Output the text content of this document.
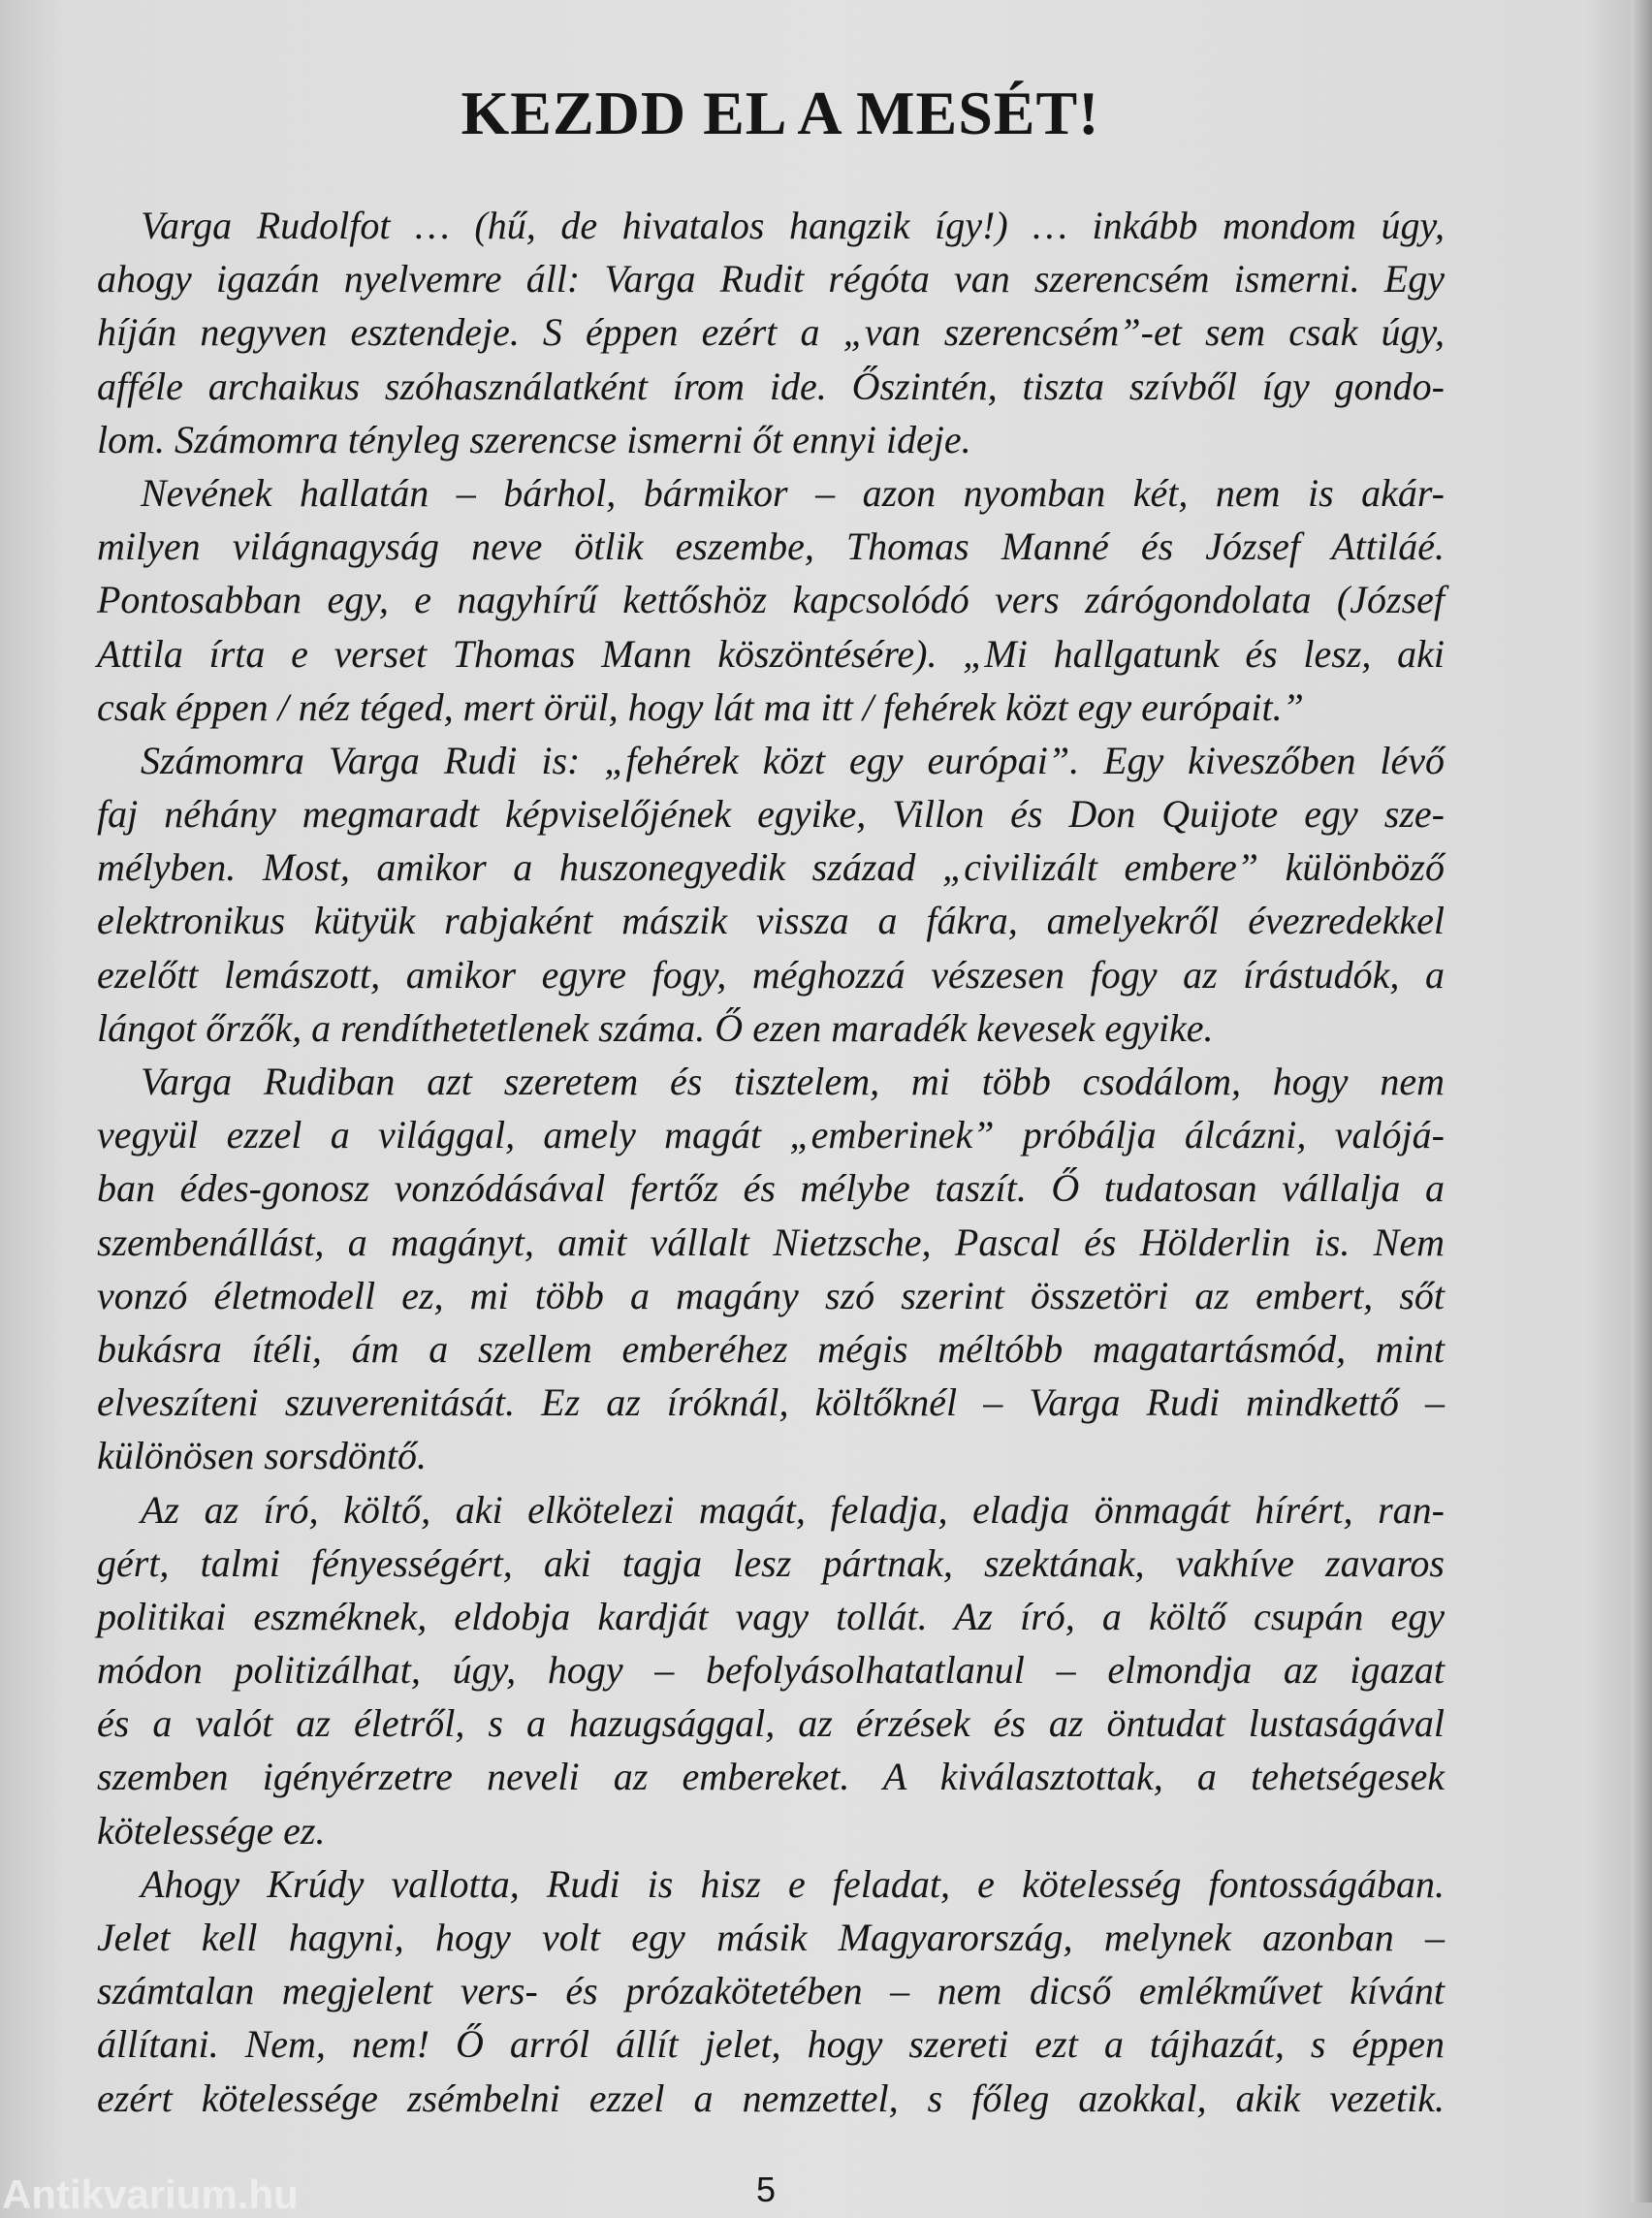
KEZDD EL A MESÉT!
Varga Rudolfot … (hű, de hivatalos hangzik így!) … inkább mondom úgy,
ahogy igazán nyelvemre áll: Varga Rudit régóta van szerencsém ismerni. Egy
híján negyven esztendeje. S éppen ezért a „van szerencsém”-et sem csak úgy,
afféle archaikus szóhasználatként írom ide. Őszintén, tiszta szívből így gondo-
lom. Számomra tényleg szerencse ismerni őt ennyi ideje.
Nevének hallatán – bárhol, bármikor – azon nyomban két, nem is akár-
milyen világnagyság neve ötlik eszembe, Thomas Manné és József Attiláé.
Pontosabban egy, e nagyhírű kettőshöz kapcsolódó vers zárógondolata (József
Attila írta e verset Thomas Mann köszöntésére). „Mi hallgatunk és lesz, aki
csak éppen / néz téged, mert örül, hogy lát ma itt / fehérek közt egy európait.”
Számomra Varga Rudi is: „fehérek közt egy európai”. Egy kiveszőben lévő
faj néhány megmaradt képviselőjének egyike, Villon és Don Quijote egy sze-
mélyben. Most, amikor a huszonegyedik század „civilizált embere” különböző
elektronikus kütyük rabjaként mászik vissza a fákra, amelyekről évezredekkel
ezelőtt lemászott, amikor egyre fogy, méghozzá vészesen fogy az írástudók, a
lángot őrzők, a rendíthetetlenek száma. Ő ezen maradék kevesek egyike.
Varga Rudiban azt szeretem és tisztelem, mi több csodálom, hogy nem
vegyül ezzel a világgal, amely magát „emberinek” próbálja álcázni, valójá-
ban édes-gonosz vonzódásával fertőz és mélybe taszít. Ő tudatosan vállalja a
szembenállást, a magányt, amit vállalt Nietzsche, Pascal és Hölderlin is. Nem
vonzó életmodell ez, mi több a magány szó szerint összetöri az embert, sőt
bukásra ítéli, ám a szellem emberéhez mégis méltóbb magatartásmód, mint
elveszíteni szuverenitását. Ez az íróknál, költőknél – Varga Rudi mindkettő –
különösen sorsdöntő.
Az az író, költő, aki elkötelezi magát, feladja, eladja önmagát hírért, ran-
gért, talmi fényességért, aki tagja lesz pártnak, szektának, vakhíve zavaros
politikai eszméknek, eldobja kardját vagy tollát. Az író, a költő csupán egy
módon politizálhat, úgy, hogy – befolyásolhatatlanul – elmondja az igazat
és a valót az életről, s a hazugsággal, az érzések és az öntudat lustaságával
szemben igényérzetre neveli az embereket. A kiválasztottak, a tehetségesek
kötelessége ez.
Ahogy Krúdy vallotta, Rudi is hisz e feladat, e kötelesség fontosságában.
Jelet kell hagyni, hogy volt egy másik Magyarország, melynek azonban –
számtalan megjelent vers- és prózakötetében – nem dicső emlékművet kívánt
állítani. Nem, nem! Ő arról állít jelet, hogy szereti ezt a tájhazát, s éppen
ezért kötelessége zsémbelni ezzel a nemzettel, s főleg azokkal, akik vezetik.
5
Antikvarium.hu
